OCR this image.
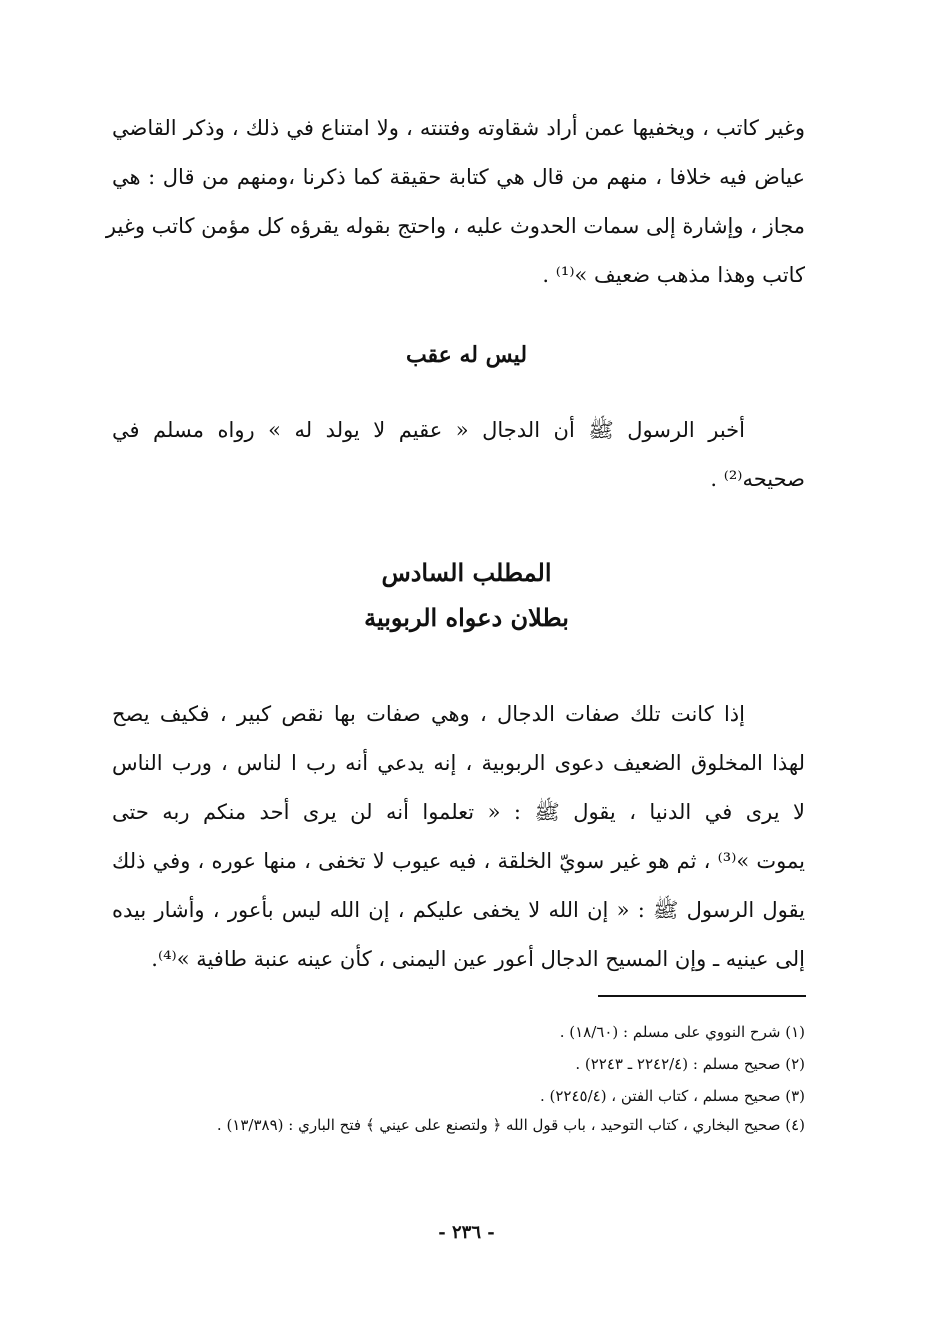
وغير كاتب ، ويخفيها عمن أراد شقاوته وفتنته ، ولا امتناع في ذلك ، وذكر القاضي
عياض فيه خلافا ، منهم من قال هي كتابة حقيقة كما ذكرنا ،ومنهم من قال : هي
مجاز ، وإشارة إلى سمات الحدوث عليه ، واحتج بقوله يقرؤه كل مؤمن كاتب وغير
كاتب وهذا مذهب ضعيف »⁽¹⁾ .
ليس له عقب
أخبر الرسول ﷺ أن الدجال « عقيم لا يولد له » رواه مسلم في
صحيحه⁽²⁾ .
المطلب السادس
بطلان دعواه الربوبية
إذا كانت تلك صفات الدجال ، وهي صفات بها نقص كبير ، فكيف يصح
لهذا المخلوق الضعيف دعوى الربوبية ، إنه يدعي أنه رب ا لناس ، ورب الناس
لا يرى في الدنيا ، يقول ﷺ : « تعلموا أنه لن يرى أحد منكم ربه حتى
يموت »⁽³⁾ ، ثم هو غير سويّ الخلقة ، فيه عيوب لا تخفى ، منها عوره ، وفي ذلك
يقول الرسول ﷺ : « إن الله لا يخفى عليكم ، إن الله ليس بأعور ، وأشار بيده
إلى عينيه ـ وإن المسيح الدجال أعور عين اليمنى ، كأن عينه عنبة طافية »⁽⁴⁾.
(١) شرح النووي على مسلم : (١٨/٦٠) .
(٢) صحيح مسلم : (٢٢٤٢/٤ ـ ٢٢٤٣) .
(٣) صحيح مسلم ، كتاب الفتن ، (٢٢٤٥/٤) .
(٤) صحيح البخاري ، كتاب التوحيد ، باب قول الله ﴿ ولتصنع على عيني ﴾ فتح الباري : (١٣/٣٨٩) .
- ٢٣٦ -
